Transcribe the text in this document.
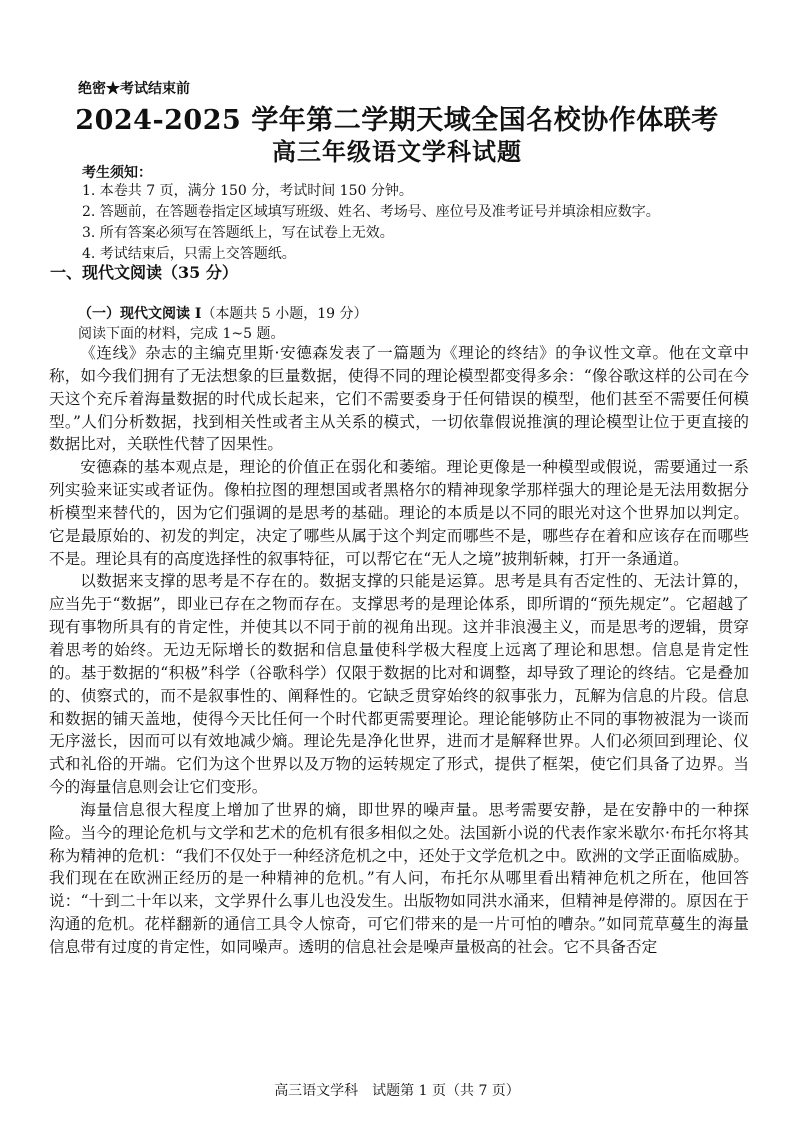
绝密★考试结束前
2024-2025 学年第二学期天域全国名校协作体联考
高三年级语文学科试题
考生须知：
1. 本卷共 7 页，满分 150 分，考试时间 150 分钟。
2. 答题前，在答题卷指定区域填写班级、姓名、考场号、座位号及准考证号并填涂相应数字。
3. 所有答案必须写在答题纸上，写在试卷上无效。
4. 考试结束后，只需上交答题纸。
一、现代文阅读（35 分）
（一）现代文阅读 I（本题共 5 小题，19 分）
阅读下面的材料，完成 1~5 题。

《连线》杂志的主编克里斯·安德森发表了一篇题为《理论的终结》的争议性文章。他在文章中称，如今我们拥有了无法想象的巨量数据，使得不同的理论模型都变得多余：“像谷歌这样的公司在今天这个充斥着海量数据的时代成长起来，它们不需要委身于任何错误的模型，他们甚至不需要任何模型。”人们分析数据，找到相关性或者主从关系的模式，一切依靠假说推演的理论模型让位于更直接的数据比对，关联性代替了因果性。

安德森的基本观点是，理论的价值正在弱化和萎缩。理论更像是一种模型或假说，需要通过一系列实验来证实或者证伪。像柏拉图的理想国或者黑格尔的精神现象学那样强大的理论是无法用数据分析模型来替代的，因为它们强调的是思考的基础。理论的本质是以不同的眼光对这个世界加以判定。它是最原始的、初发的判定，决定了哪些从属于这个判定而哪些不是，哪些存在着和应该存在而哪些不是。理论具有的高度选择性的叙事特征，可以帮它在“无人之境”披荆斩棘，打开一条通道。

以数据来支撑的思考是不存在的。数据支撑的只能是运算。思考是具有否定性的、无法计算的，应当先于“数据”，即业已存在之物而存在。支撑思考的是理论体系，即所谓的“预先规定”。它超越了现有事物所具有的肯定性，并使其以不同于前的视角出现。这并非浪漫主义，而是思考的逻辑，贯穿着思考的始终。无边无际增长的数据和信息量使科学极大程度上远离了理论和思想。信息是肯定性的。基于数据的“积极”科学（谷歌科学）仅限于数据的比对和调整，却导致了理论的终结。它是叠加的、侦察式的，而不是叙事性的、阐释性的。它缺乏贯穿始终的叙事张力，瓦解为信息的片段。信息和数据的铺天盖地，使得今天比任何一个时代都更需要理论。理论能够防止不同的事物被混为一谈而无序滋长，因而可以有效地减少熵。理论先是净化世界，进而才是解释世界。人们必须回到理论、仪式和礼俗的开端。它们为这个世界以及万物的运转规定了形式，提供了框架，使它们具备了边界。当今的海量信息则会让它们变形。

海量信息很大程度上增加了世界的熵，即世界的噪声量。思考需要安静，是在安静中的一种探险。当今的理论危机与文学和艺术的危机有很多相似之处。法国新小说的代表作家米歇尔·布托尔将其称为精神的危机：“我们不仅处于一种经济危机之中，还处于文学危机之中。欧洲的文学正面临威胁。我们现在在欧洲正经历的是一种精神的危机。”有人问，布托尔从哪里看出精神危机之所在，他回答说：“十到二十年以来，文学界什么事儿也没发生。出版物如同洪水涌来，但精神是停滞的。原因在于沟通的危机。花样翻新的通信工具令人惊奇，可它们带来的是一片可怕的嘈杂。”如同荒草蔓生的海量信息带有过度的肯定性，如同噪声。透明的信息社会是噪声量极高的社会。它不具备否定

高三语文学科　试题第 1 页（共 7 页）
